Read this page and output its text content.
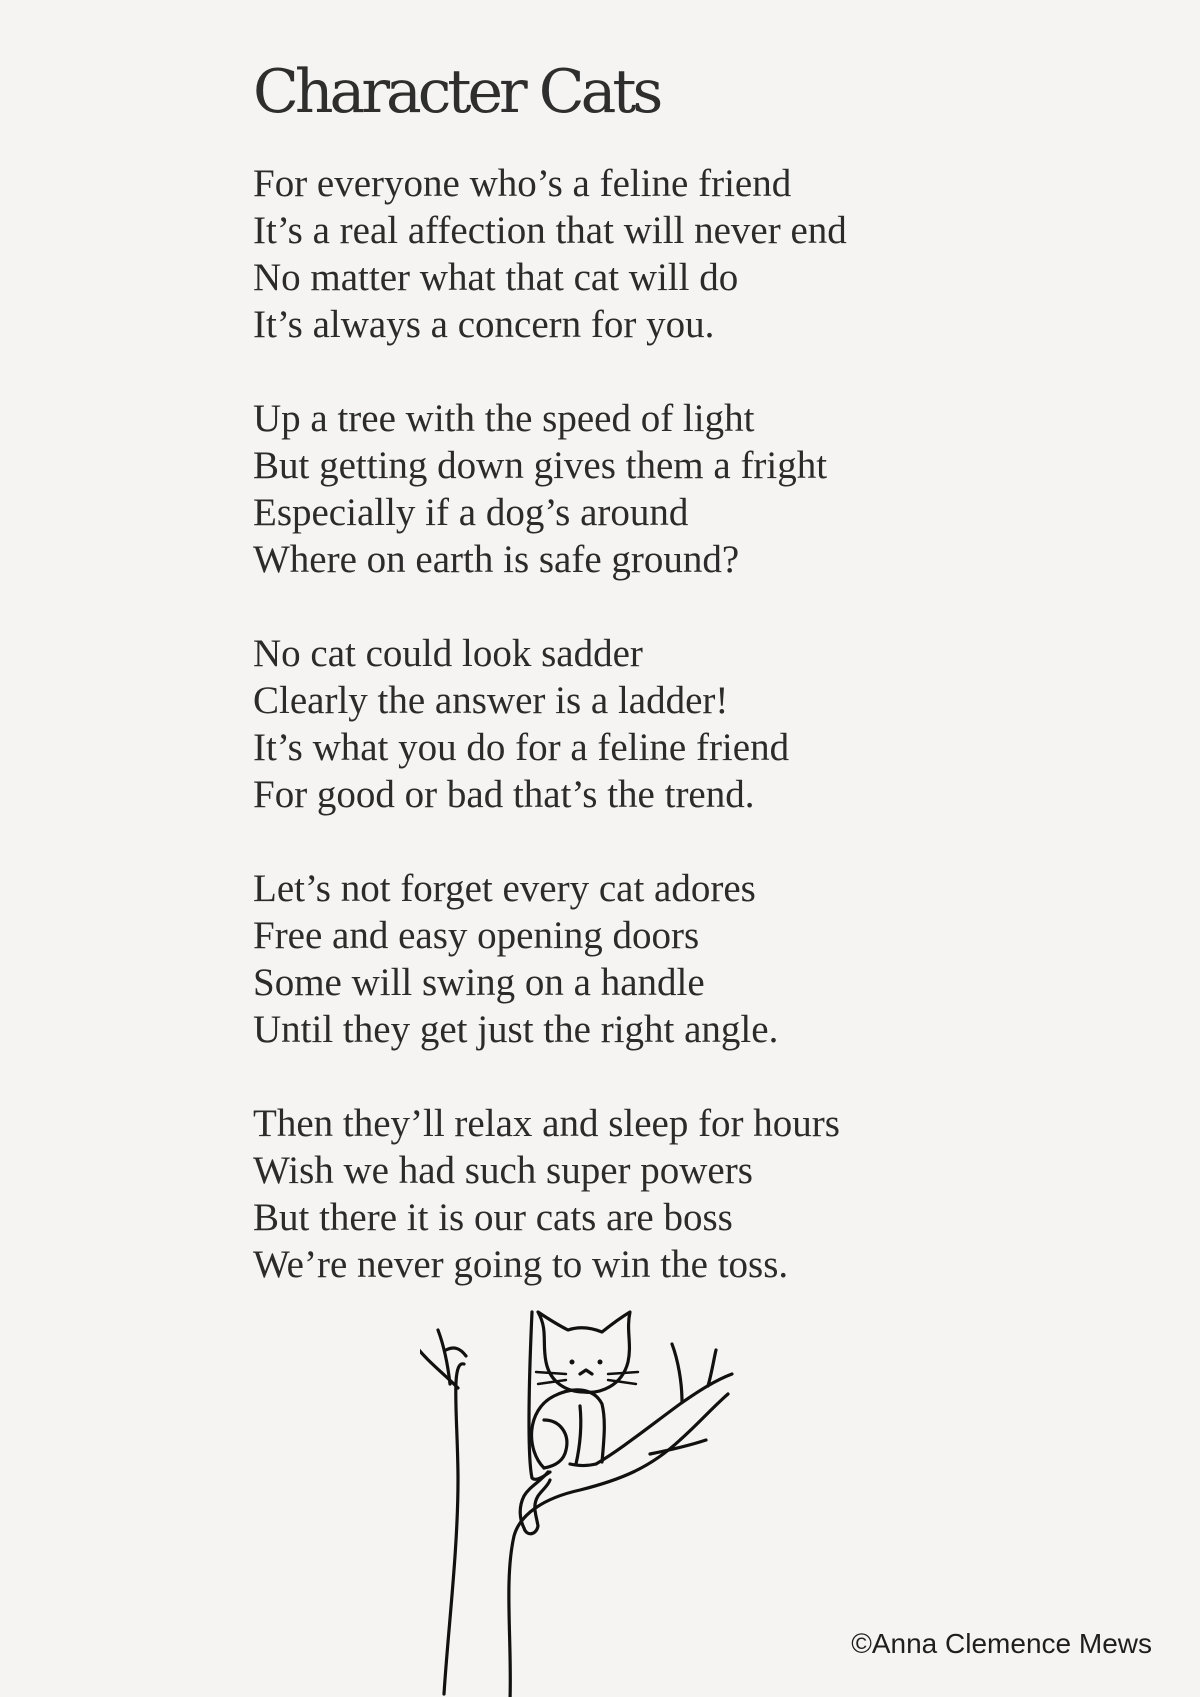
Character Cats

For everyone who’s a feline friend
It’s a real affection that will never end
No matter what that cat will do
It’s always a concern for you.

Up a tree with the speed of light
But getting down gives them a fright
Especially if a dog’s around
Where on earth is safe ground?

No cat could look sadder
Clearly the answer is a ladder!
It’s what you do for a feline friend
For good or bad that’s the trend.

Let’s not forget every cat adores
Free and easy opening doors
Some will swing on a handle
Until they get just the right angle.

Then they’ll relax and sleep for hours
Wish we had such super powers
But there it is our cats are boss
We’re never going to win the toss.

©Anna Clemence Mews
